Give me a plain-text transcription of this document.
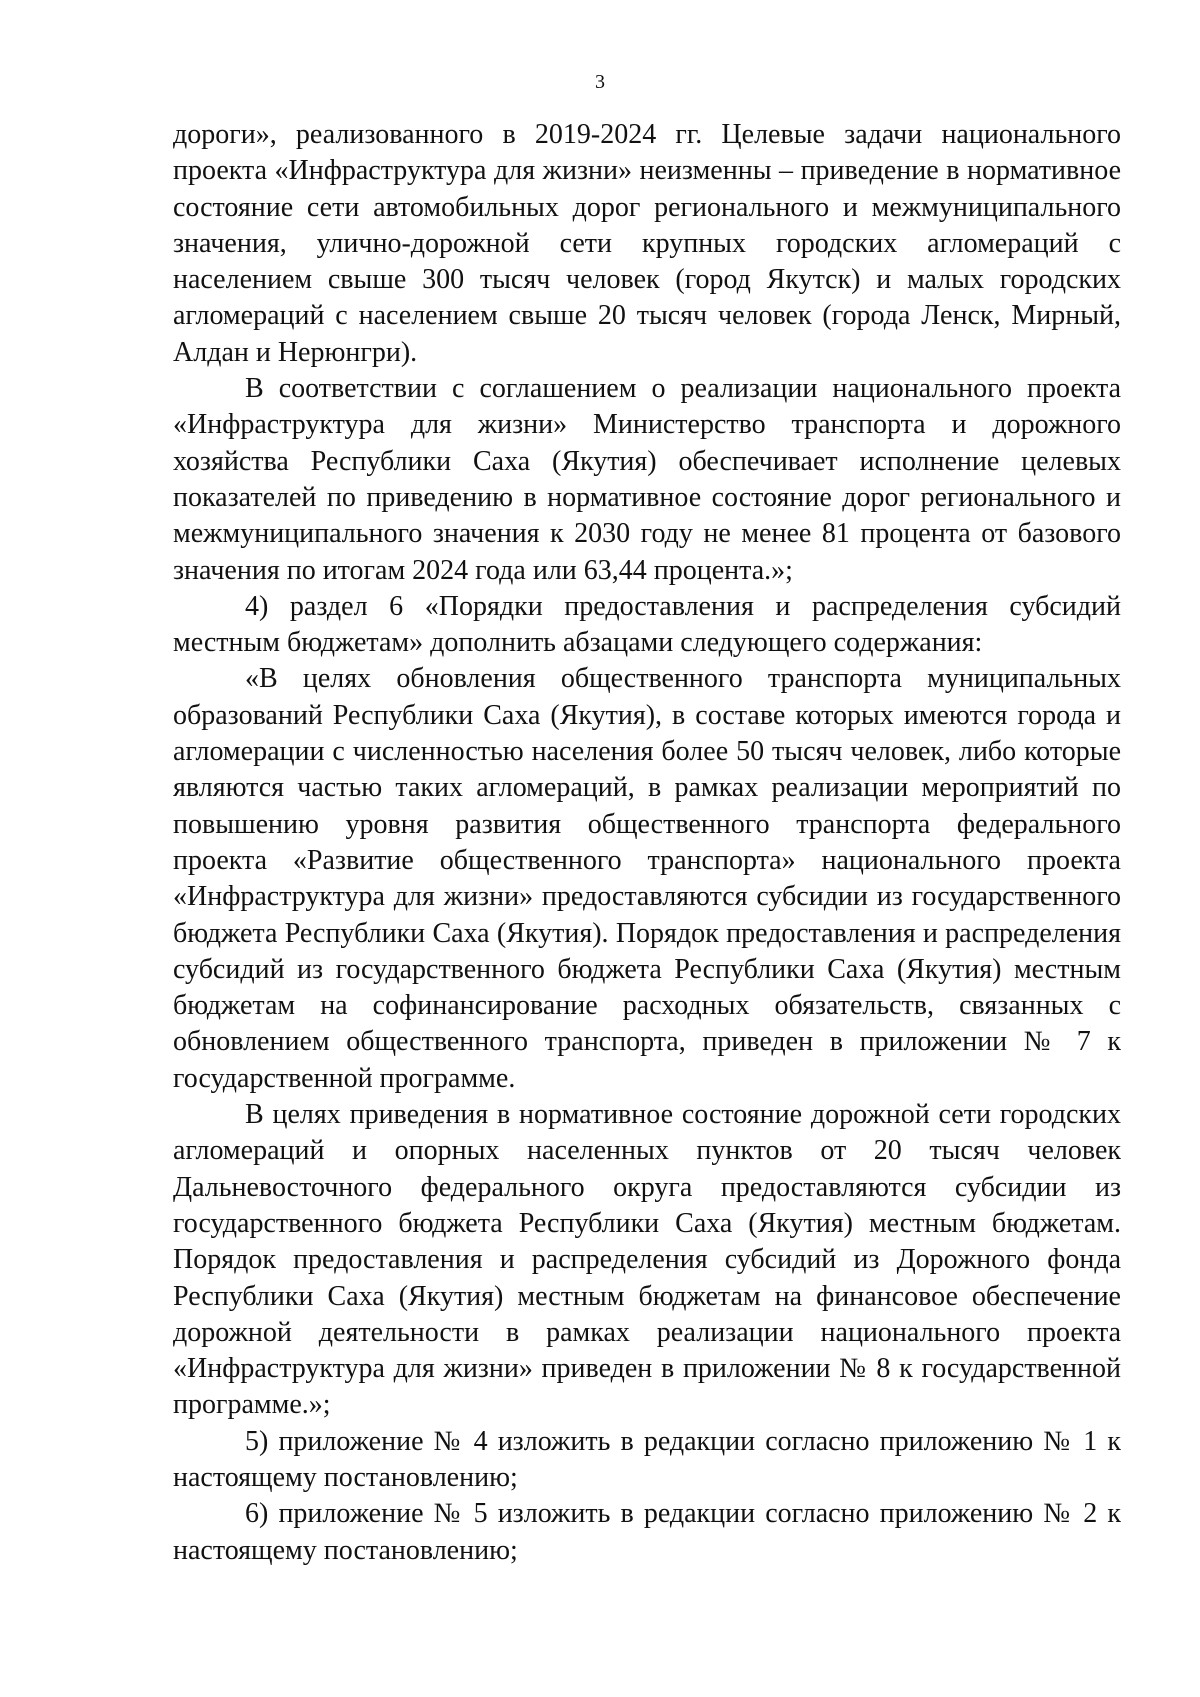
3

дороги», реализованного в 2019-2024 гг. Целевые задачи национального проекта «Инфраструктура для жизни» неизменны – приведение в нормативное состояние сети автомобильных дорог регионального и межмуниципального значения, улично-дорожной сети крупных городских агломераций с населением свыше 300 тысяч человек (город Якутск) и малых городских агломераций с населением свыше 20 тысяч человек (города Ленск, Мирный, Алдан и Нерюнгри).

В соответствии с соглашением о реализации национального проекта «Инфраструктура для жизни» Министерство транспорта и дорожного хозяйства Республики Саха (Якутия) обеспечивает исполнение целевых показателей по приведению в нормативное состояние дорог регионального и межмуниципального значения к 2030 году не менее 81 процента от базового значения по итогам 2024 года или 63,44 процента.»;

4) раздел 6 «Порядки предоставления и распределения субсидий местным бюджетам» дополнить абзацами следующего содержания:

«В целях обновления общественного транспорта муниципальных образований Республики Саха (Якутия), в составе которых имеются города и агломерации с численностью населения более 50 тысяч человек, либо которые являются частью таких агломераций, в рамках реализации мероприятий по повышению уровня развития общественного транспорта федерального проекта «Развитие общественного транспорта» национального проекта «Инфраструктура для жизни» предоставляются субсидии из государственного бюджета Республики Саха (Якутия). Порядок предоставления и распределения субсидий из государственного бюджета Республики Саха (Якутия) местным бюджетам на софинансирование расходных обязательств, связанных с обновлением общественного транспорта, приведен в приложении № 7 к государственной программе.

В целях приведения в нормативное состояние дорожной сети городских агломераций и опорных населенных пунктов от 20 тысяч человек Дальневосточного федерального округа предоставляются субсидии из государственного бюджета Республики Саха (Якутия) местным бюджетам. Порядок предоставления и распределения субсидий из Дорожного фонда Республики Саха (Якутия) местным бюджетам на финансовое обеспечение дорожной деятельности в рамках реализации национального проекта «Инфраструктура для жизни» приведен в приложении № 8 к государственной программе.»;

5) приложение № 4 изложить в редакции согласно приложению № 1 к настоящему постановлению;

6) приложение № 5 изложить в редакции согласно приложению № 2 к настоящему постановлению;
